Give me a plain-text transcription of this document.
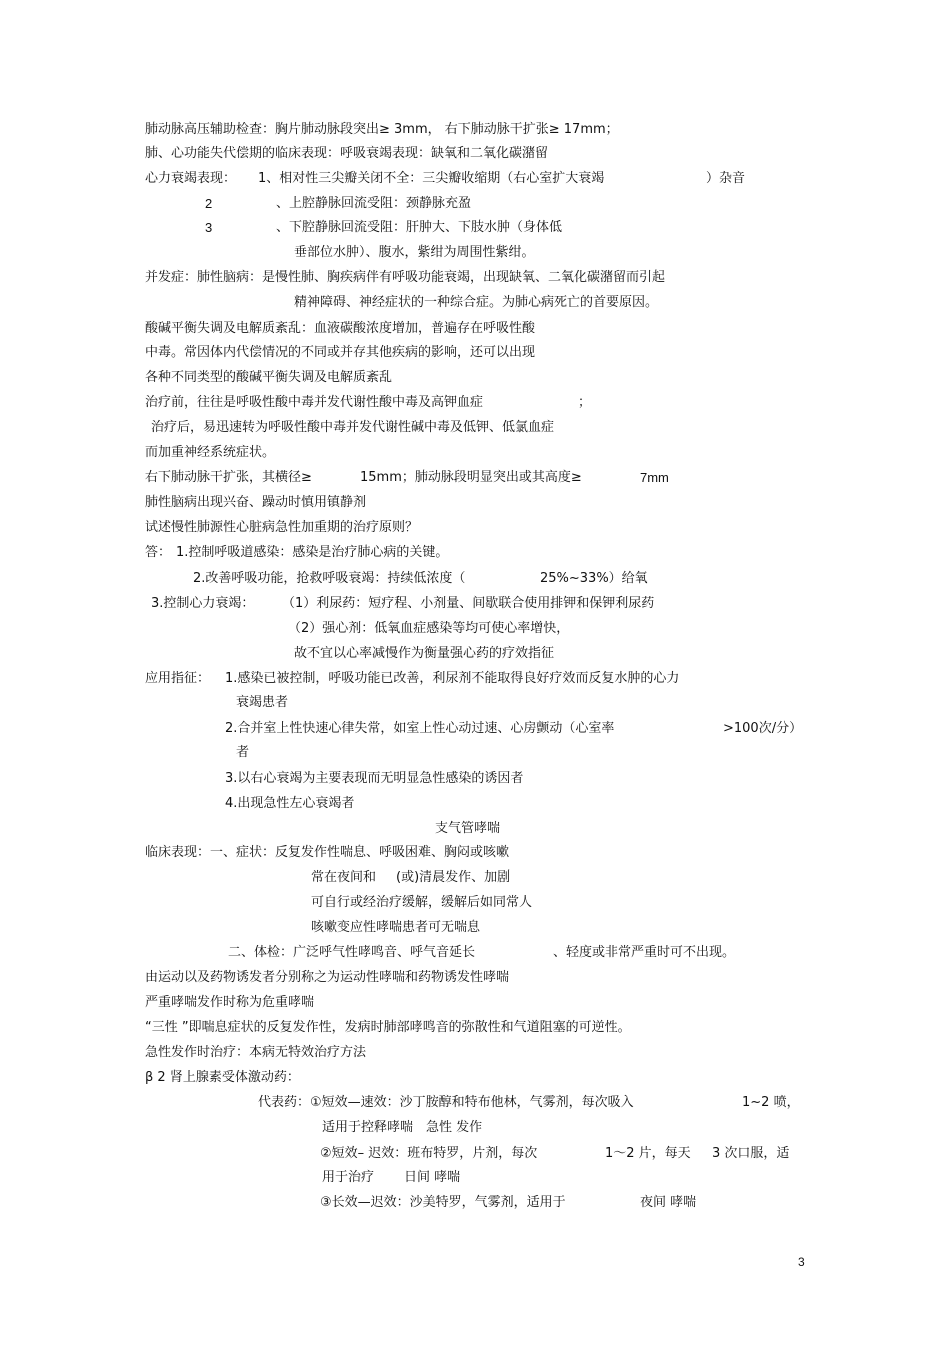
肺动脉高压辅助检查：胸片肺动脉段突出≥ 3mm， 右下肺动脉干扩张≥ 17mm；
肺、心功能失代偿期的临床表现：呼吸衰竭表现：缺氧和二氧化碳潴留
心力衰竭表现： 1、相对性三尖瓣关闭不全：三尖瓣收缩期（右心室扩大衰竭	）杂音
2	、上腔静脉回流受阻：颈静脉充盈
3	、下腔静脉回流受阻：肝肿大、下肢水肿（身体低
垂部位水肿）、腹水，紫绀为周围性紫绀。
并发症：肺性脑病：是慢性肺、胸疾病伴有呼吸功能衰竭，出现缺氧、二氧化碳潴留而引起
精神障碍、神经症状的一种综合症。为肺心病死亡的首要原因。
酸碱平衡失调及电解质紊乱：血液碳酸浓度增加，普遍存在呼吸性酸
中毒。常因体内代偿情况的不同或并存其他疾病的影响，还可以出现
各种不同类型的酸碱平衡失调及电解质紊乱
治疗前，往往是呼吸性酸中毒并发代谢性酸中毒及高钾血症	；
治疗后，易迅速转为呼吸性酸中毒并发代谢性碱中毒及低钾、低氯血症
而加重神经系统症状。
右下肺动脉干扩张，其横径≥	15mm；肺动脉段明显突出或其高度≥	7mm
肺性脑病出现兴奋、躁动时慎用镇静剂
试述慢性肺源性心脏病急性加重期的治疗原则？
答： 1.控制呼吸道感染：感染是治疗肺心病的关键。
2.改善呼吸功能，抢救呼吸衰竭：持续低浓度（	25%~33%）给氧
3.控制心力衰竭： （1）利尿药：短疗程、小剂量、间歇联合使用排钾和保钾利尿药
（2）强心剂：低氧血症感染等均可使心率增快，
故不宜以心率减慢作为衡量强心药的疗效指征
应用指征： 1.感染已被控制，呼吸功能已改善，利尿剂不能取得良好疗效而反复水肿的心力
衰竭患者
2.合并室上性快速心律失常，如室上性心动过速、心房颤动（心室率	>100次/分）
者
3.以右心衰竭为主要表现而无明显急性感染的诱因者
4.出现急性左心衰竭者
支气管哮喘
临床表现：一、症状：反复发作性喘息、呼吸困难、胸闷或咳嗽
常在夜间和 (或)清晨发作、加剧
可自行或经治疗缓解，缓解后如同常人
咳嗽变应性哮喘患者可无喘息
二、体检：广泛呼气性哮鸣音、呼气音延长	、轻度或非常严重时可不出现。
由运动以及药物诱发者分别称之为运动性哮喘和药物诱发性哮喘
严重哮喘发作时称为危重哮喘
“三性 ”即喘息症状的反复发作性，发病时肺部哮鸣音的弥散性和气道阻塞的可逆性。
急性发作时治疗：本病无特效治疗方法
β 2 肾上腺素受体激动药：
代表药：①短效—速效：沙丁胺醇和特布他林，气雾剂，每次吸入	1~2 喷，
适用于控释哮喘 急性 发作
②短效– 迟效：班布特罗，片剂，每次	1～2 片，每天 3 次口服，适
用于治疗 日间 哮喘
③长效—迟效：沙美特罗，气雾剂，适用于	夜间 哮喘
3
